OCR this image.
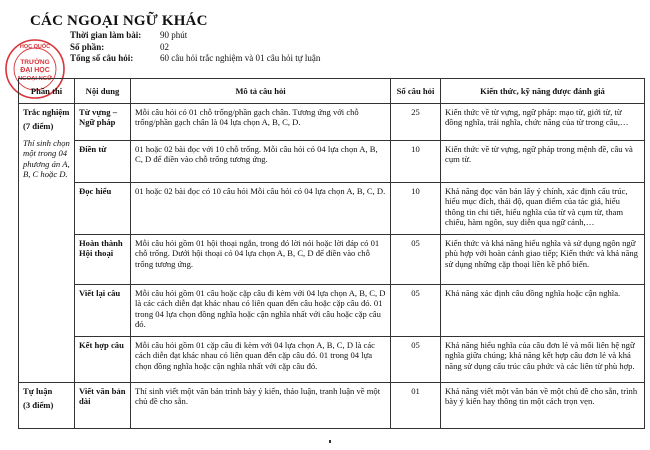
CÁC NGOẠI NGỮ KHÁC
Thời gian làm bài:	90 phút
Số phần:	02
Tổng số câu hỏi:	60 câu hỏi trắc nghiệm và 01 câu hỏi tự luận
HỌC QUỐC
TRƯỜNG
ĐẠI HỌC
NGOẠI NGỮ
Phần thi	Nội dung	Mô tả câu hỏi	Số câu hỏi	Kiến thức, kỹ năng được đánh giá
Trắc nghiệm
(7 điểm)
Thí sinh chọn một trong 04 phương án A, B, C hoặc D.	Từ vựng – Ngữ pháp	Mỗi câu hỏi có 01 chỗ trống/phần gạch chân. Tương ứng với chỗ trống/phần gạch chân là 04 lựa chọn A, B, C, D.	25	Kiến thức về từ vựng, ngữ pháp: mạo từ, giới từ, từ đồng nghĩa, trái nghĩa, chức năng của từ trong câu,…
	Điền từ	01 hoặc 02 bài đọc với 10 chỗ trống. Mỗi câu hỏi có 04 lựa chọn A, B, C, D để điền vào chỗ trống tương ứng.	10	Kiến thức về từ vựng, ngữ pháp trong mệnh đề, câu và cụm từ.
	Đọc hiểu	01 hoặc 02 bài đọc có 10 câu hỏi Mỗi câu hỏi có 04 lựa chọn A, B, C, D.	10	Khả năng đọc văn bản lấy ý chính, xác định cấu trúc, hiểu mục đích, thái độ, quan điểm của tác giả, hiểu thông tin chi tiết, hiểu nghĩa của từ và cụm từ, tham chiếu, hàm ngôn, suy diễn qua ngữ cảnh,…
	Hoàn thành Hội thoại	Mỗi câu hỏi gồm 01 hội thoại ngắn, trong đó lời nói hoặc lời đáp có 01 chỗ trống. Dưới hội thoại có 04 lựa chọn A, B, C, D để điền vào chỗ trống tương ứng.	05	Kiến thức và khả năng hiểu nghĩa và sử dụng ngôn ngữ phù hợp với hoàn cảnh giao tiếp; Kiến thức và khả năng sử dụng những cặp thoại liền kề phổ biến.
	Viết lại câu	Mỗi câu hỏi gồm 01 câu hoặc cặp câu đi kèm với 04 lựa chọn A, B, C, D là các cách diễn đạt khác nhau có liên quan đến câu hoặc cặp câu đó. 01 trong 04 lựa chọn đồng nghĩa hoặc cận nghĩa nhất với câu hoặc cặp câu đó.	05	Khả năng xác định câu đồng nghĩa hoặc cận nghĩa.
	Kết hợp câu	Mỗi câu hỏi gồm 01 cặp câu đi kèm với 04 lựa chọn A, B, C, D là các cách diễn đạt khác nhau có liên quan đến cặp câu đó. 01 trong 04 lựa chọn đồng nghĩa hoặc cận nghĩa nhất với cặp câu đó.	05	Khả năng hiểu nghĩa của câu đơn lẻ và mối liên hệ ngữ nghĩa giữa chúng; khả năng kết hợp câu đơn lẻ và khả năng sử dụng cấu trúc câu phức và các liên từ phù hợp.
Tự luận
(3 điểm)	Viết văn bản dài	Thí sinh viết một văn bản trình bày ý kiến, thảo luận, tranh luận về một chủ đề cho sẵn.	01	Khả năng viết một văn bản về một chủ đề cho sẵn, trình bày ý kiến hay thông tin một cách trọn vẹn.
